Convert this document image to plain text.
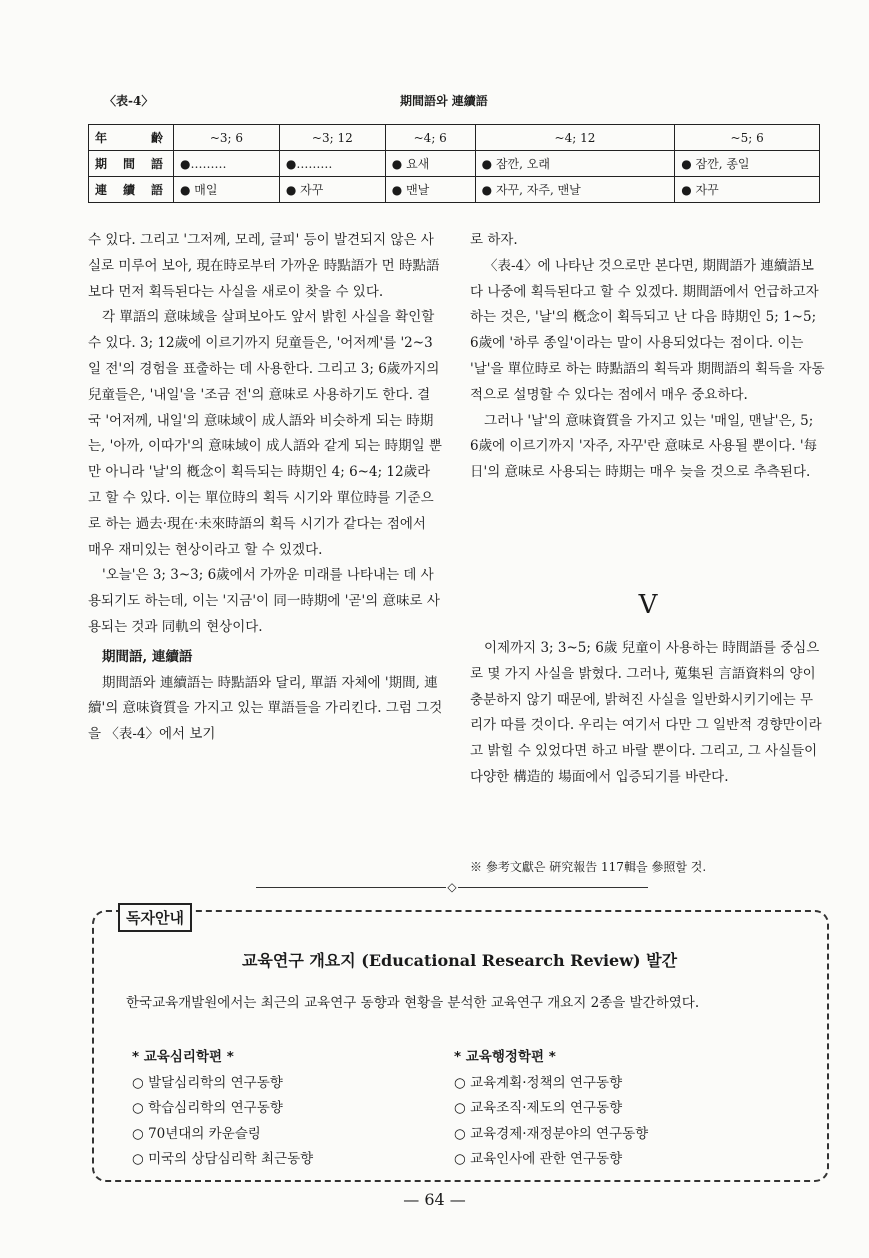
〈表-4〉	期間語와 連續語
年齡	~3; 6	~3; 12	~4; 6	~4; 12	~5; 6
期間語	●………	●………	● 요새	● 잠깐, 오래	● 잠깐, 종일
連續語	● 매일	● 자꾸	● 맨날	● 자꾸, 자주, 맨날	● 자꾸

수 있다. 그리고 '그저께, 모레, 글피' 등이 발견되지 않은 사실로 미루어 보아, 現在時로부터 가까운 時點語가 먼 時點語보다 먼저 획득된다는 사실을 새로이 찾을 수 있다.

각 單語의 意味域을 살펴보아도 앞서 밝힌 사실을 확인할 수 있다. 3; 12歲에 이르기까지 兒童들은, '어저께'를 '2~3일 전'의 경험을 표출하는 데 사용한다. 그리고 3; 6歲까지의 兒童들은, '내일'을 '조금 전'의 意味로 사용하기도 한다. 결국 '어저께, 내일'의 意味域이 成人語와 비슷하게 되는 時期는, '아까, 이따가'의 意味域이 成人語와 같게 되는 時期일 뿐만 아니라 '날'의 槪念이 획득되는 時期인 4; 6~4; 12歲라고 할 수 있다. 이는 單位時의 획득 시기와 單位時를 기준으로 하는 過去·現在·未來時語의 획득 시기가 같다는 점에서 매우 재미있는 현상이라고 할 수 있겠다.

'오늘'은 3; 3~3; 6歲에서 가까운 미래를 나타내는 데 사용되기도 하는데, 이는 '지금'이 同一時期에 '곧'의 意味로 사용되는 것과 同軌의 현상이다.

期間語, 連續語

期間語와 連續語는 時點語와 달리, 單語 자체에 '期間, 連續'의 意味資質을 가지고 있는 單語들을 가리킨다. 그럼 그것을 〈表-4〉에서 보기

로 하자.

〈表-4〉에 나타난 것으로만 본다면, 期間語가 連續語보다 나중에 획득된다고 할 수 있겠다. 期間語에서 언급하고자 하는 것은, '날'의 槪念이 획득되고 난 다음 時期인 5; 1~5; 6歲에 '하루 종일'이라는 말이 사용되었다는 점이다. 이는 '날'을 單位時로 하는 時點語의 획득과 期間語의 획득을 자동적으로 설명할 수 있다는 점에서 매우 중요하다.

그러나 '날'의 意味資質을 가지고 있는 '매일, 맨날'은, 5; 6歲에 이르기까지 '자주, 자꾸'란 意味로 사용될 뿐이다. '每日'의 意味로 사용되는 時期는 매우 늦을 것으로 추측된다.

V

이제까지 3; 3~5; 6歲 兒童이 사용하는 時間語를 중심으로 몇 가지 사실을 밝혔다. 그러나, 蒐集된 言語資料의 양이 충분하지 않기 때문에, 밝혀진 사실을 일반화시키기에는 무리가 따를 것이다. 우리는 여기서 다만 그 일반적 경향만이라고 밝힐 수 있었다면 하고 바랄 뿐이다. 그리고, 그 사실들이 다양한 構造的 場面에서 입증되기를 바란다.

※ 參考文獻은 硏究報告 117輯을 參照할 것.
◇
독자안내
교육연구 개요지 (Educational Research Review) 발간

한국교육개발원에서는 최근의 교육연구 동향과 현황을 분석한 교육연구 개요지 2종을 발간하였다.

* 교육심리학편 *
○ 발달심리학의 연구동향
○ 학습심리학의 연구동향
○ 70년대의 카운슬링
○ 미국의 상담심리학 최근동향
* 교육행정학편 *
○ 교육계획·정책의 연구동향
○ 교육조직·제도의 연구동향
○ 교육경제·재정분야의 연구동향
○ 교육인사에 관한 연구동향
— 64 —
